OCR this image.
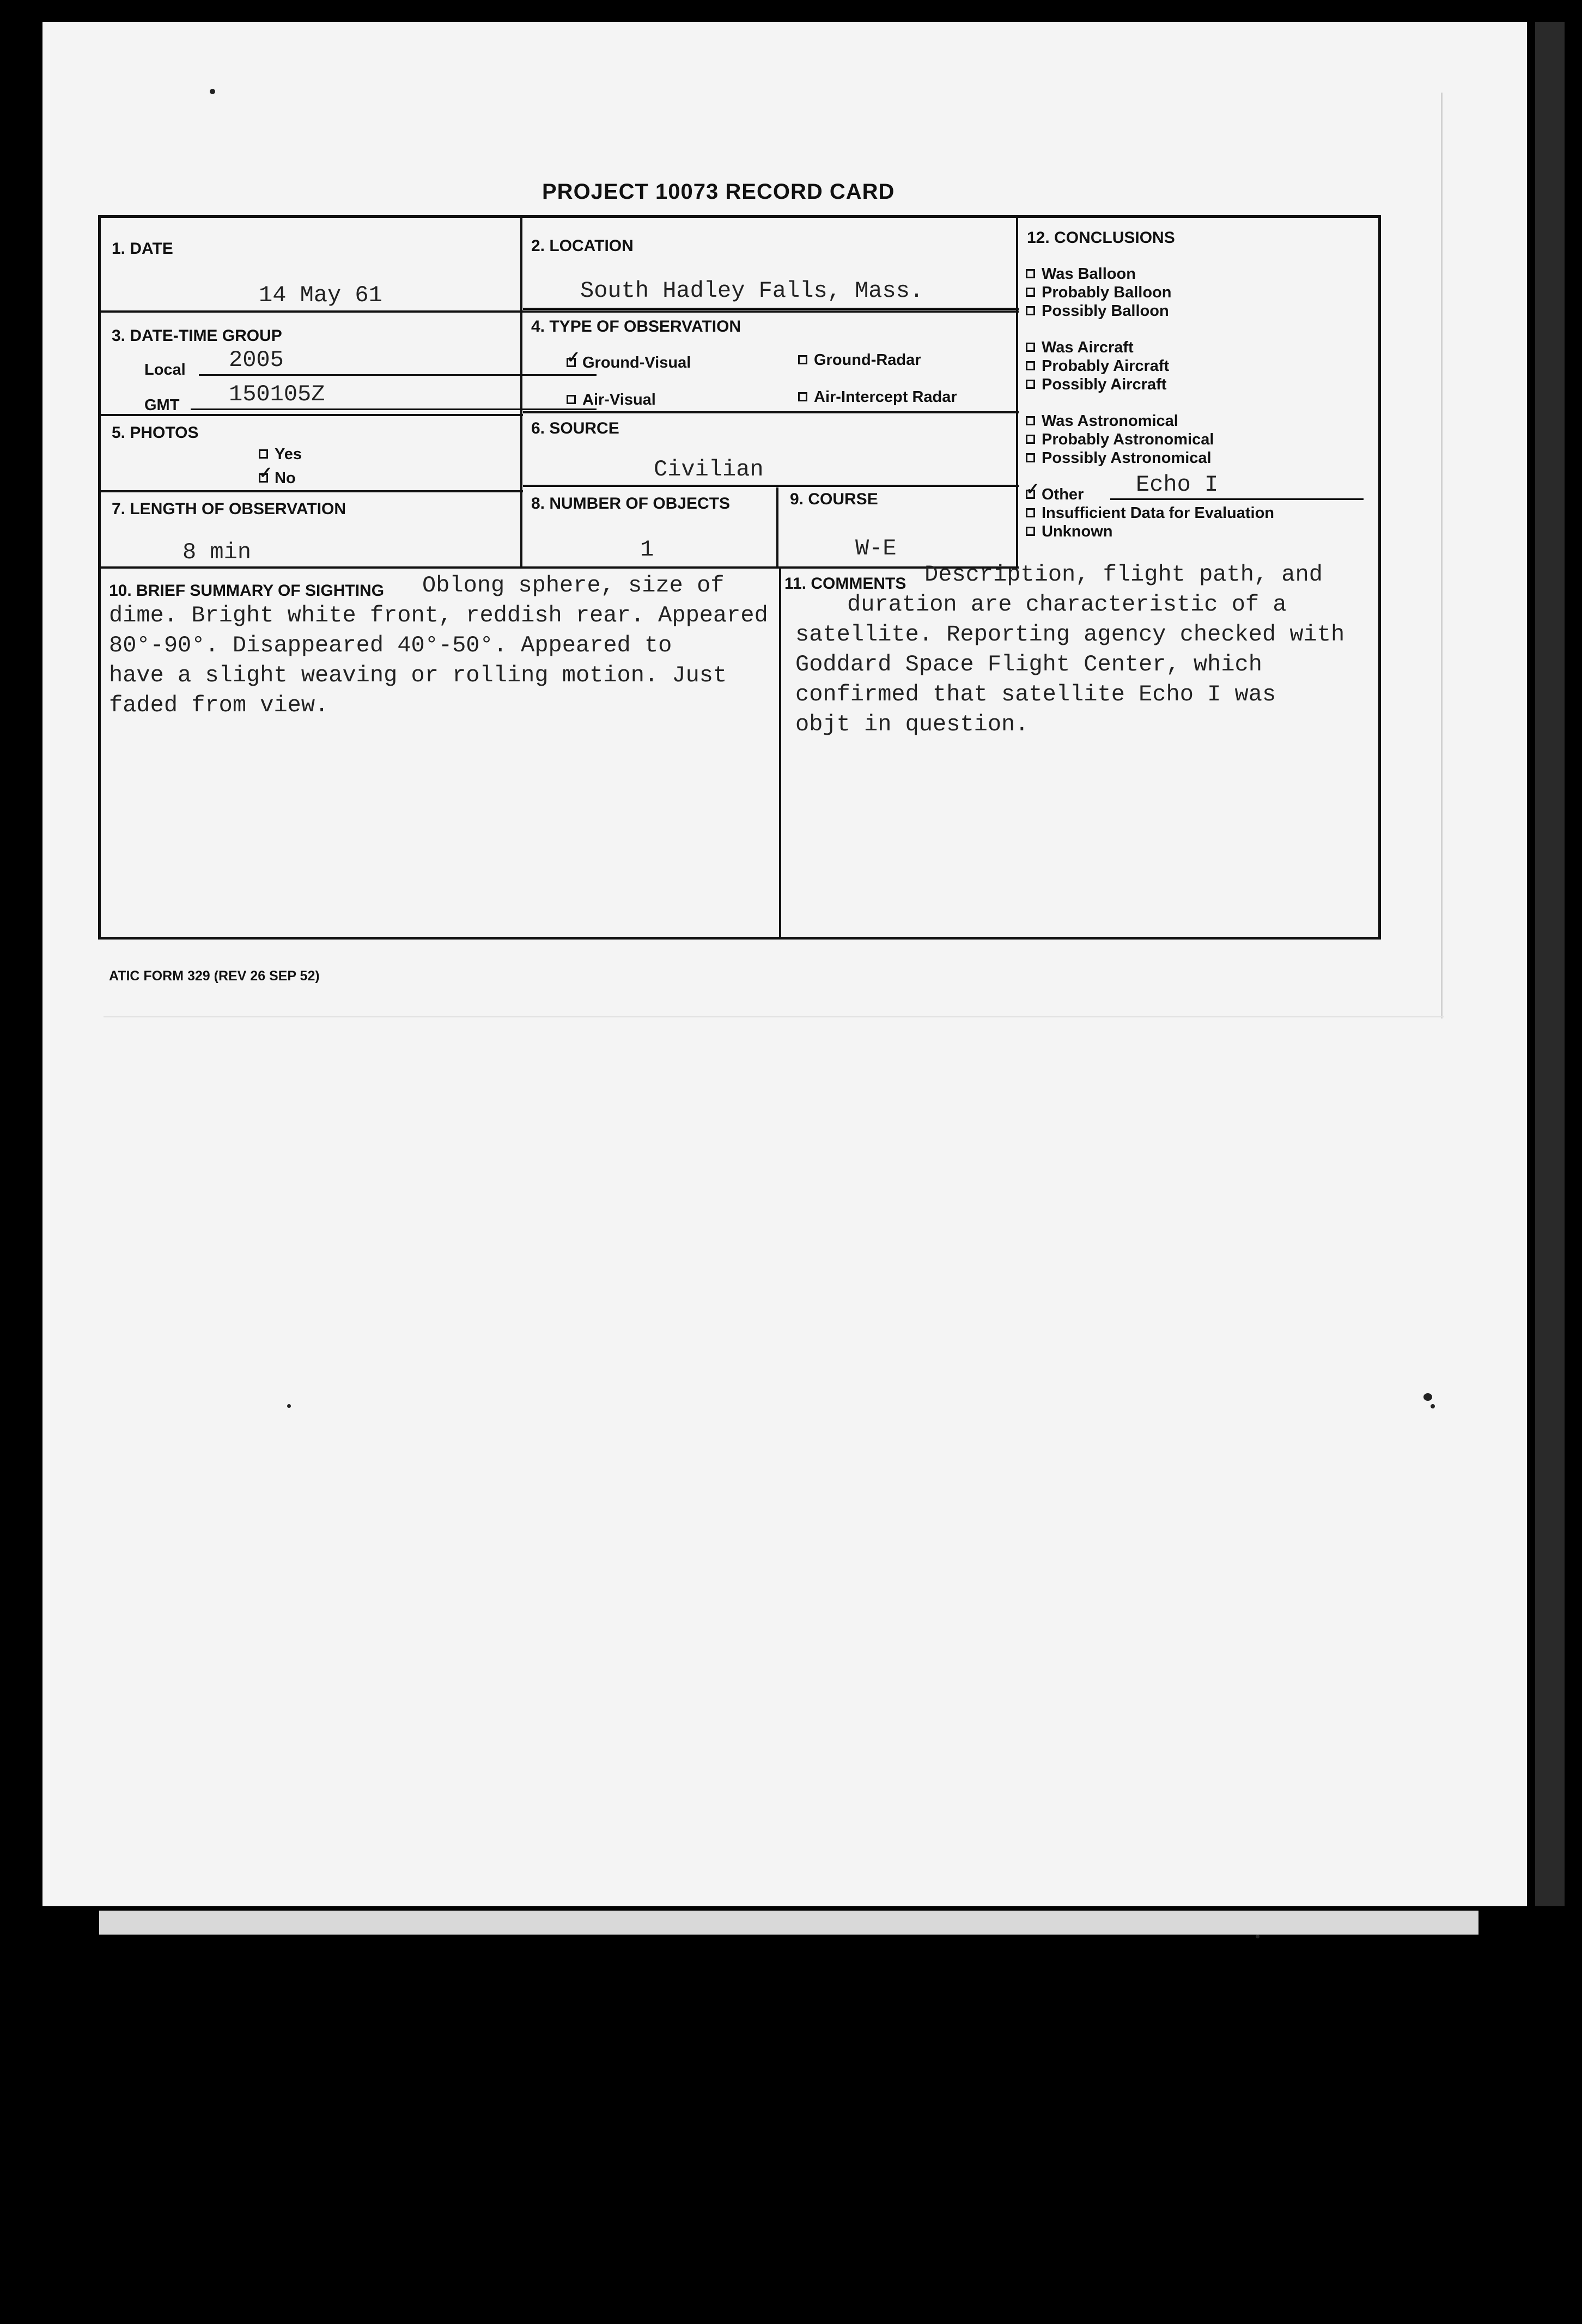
PROJECT 10073 RECORD CARD
1. DATE
14 May 61
2. LOCATION
South Hadley Falls, Mass.
3. DATE-TIME GROUP
Local 2005
GMT 150105Z
4. TYPE OF OBSERVATION
✓Ground-Visual	Ground-Radar
Air-Visual	Air-Intercept Radar
5. PHOTOS
Yes
✓No
6. SOURCE
Civilian
7. LENGTH OF OBSERVATION
8 min
8. NUMBER OF OBJECTS
1
9. COURSE
W-E
10. BRIEF SUMMARY OF SIGHTING Oblong sphere, size of
dime. Bright white front, reddish rear. Appeared
80°-90°. Disappeared 40°-50°. Appeared to
have a slight weaving or rolling motion. Just
faded from view.
11. COMMENTS Description, flight path, and
duration are characteristic of a
satellite. Reporting agency checked with
Goddard Space Flight Center, which
confirmed that satellite Echo I was
objt in question.
12. CONCLUSIONS
Was Balloon
Probably Balloon
Possibly Balloon
Was Aircraft
Probably Aircraft
Possibly Aircraft
Was Astronomical
Probably Astronomical
Possibly Astronomical
✓Other Echo I
Insufficient Data for Evaluation
Unknown
ATIC FORM 329 (REV 26 SEP 52)
